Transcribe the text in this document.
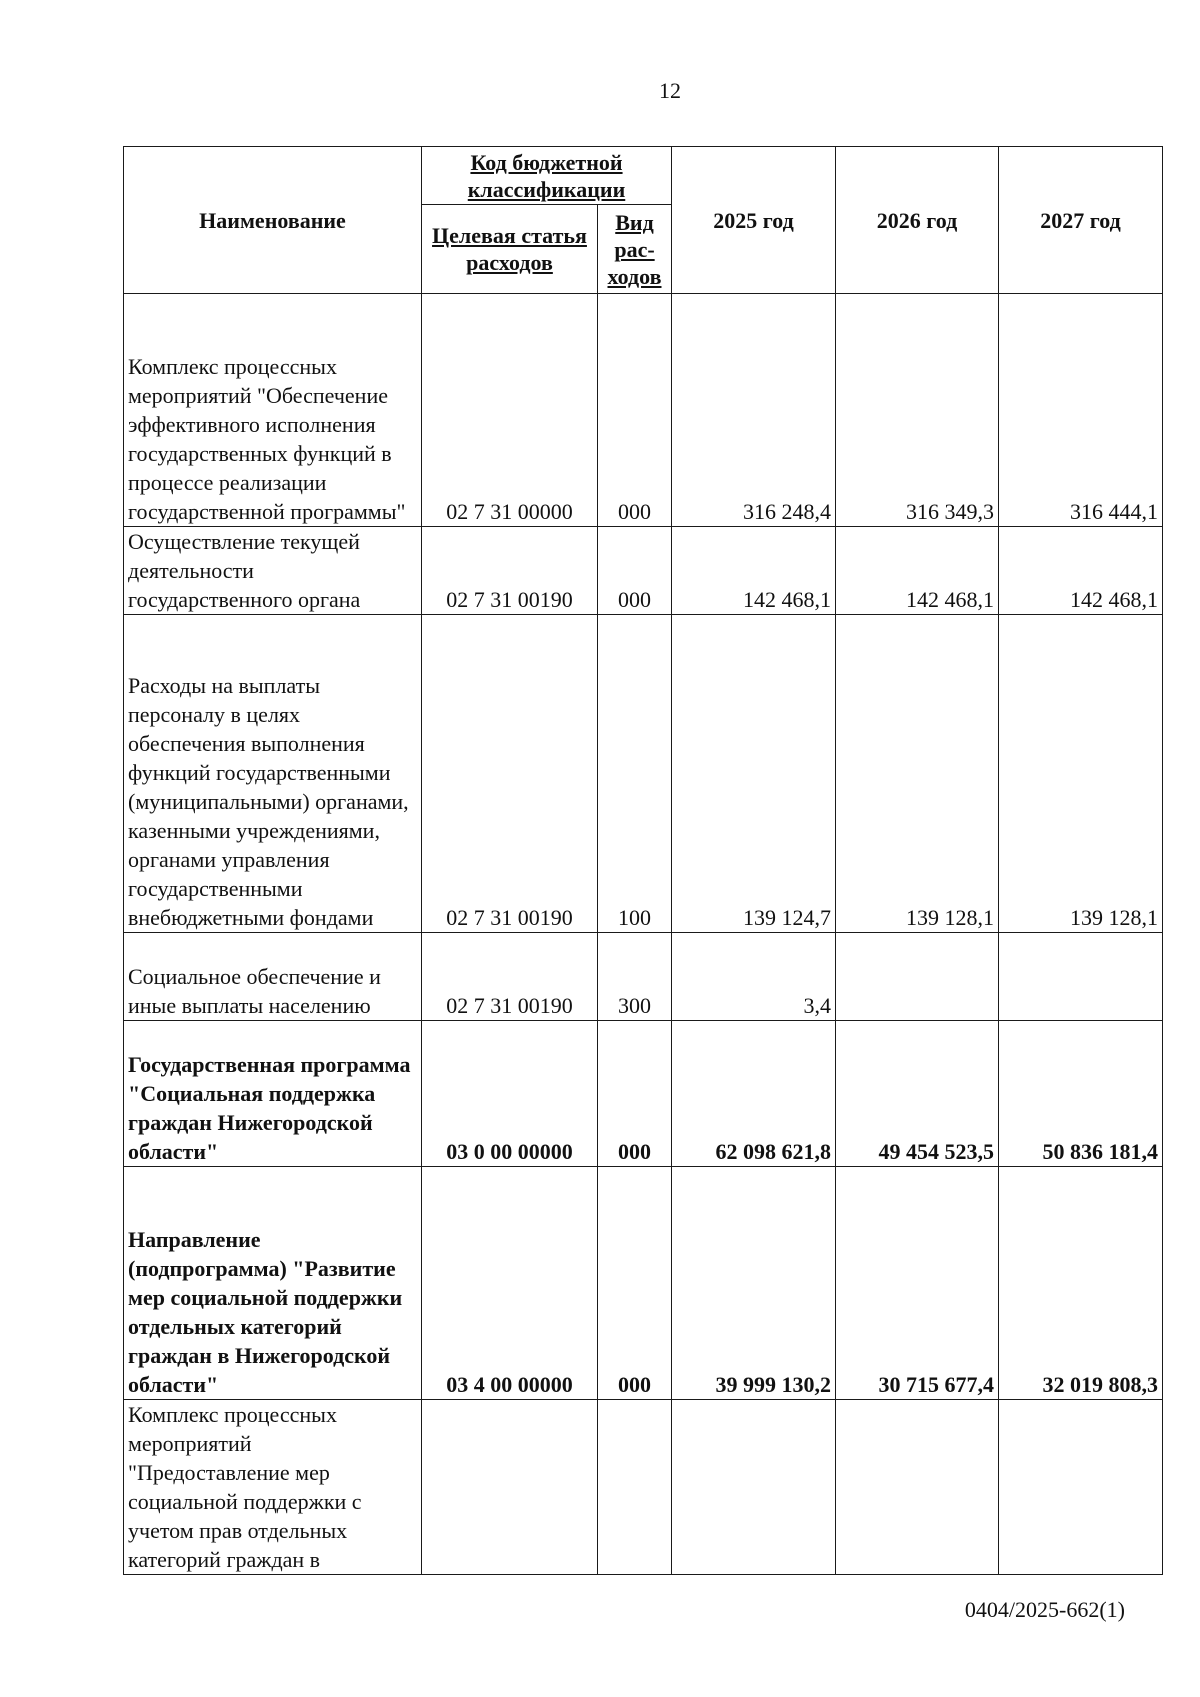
12
Наименование	Код бюджетной классификации		2025 год	2026 год	2027 год
	Целевая статья расходов	Вид рас-ходов			
Комплекс процессных мероприятий "Обеспечение эффективного исполнения государственных функций в процессе реализации государственной программы"	02 7 31 00000	000	316 248,4	316 349,3	316 444,1
Осуществление текущей деятельности государственного органа	02 7 31 00190	000	142 468,1	142 468,1	142 468,1
Расходы на выплаты персоналу в целях обеспечения выполнения функций государственными (муниципальными) органами, казенными учреждениями, органами управления государственными внебюджетными фондами	02 7 31 00190	100	139 124,7	139 128,1	139 128,1
Социальное обеспечение и иные выплаты населению	02 7 31 00190	300	3,4		
Государственная программа "Социальная поддержка граждан Нижегородской области"	03 0 00 00000	000	62 098 621,8	49 454 523,5	50 836 181,4
Направление (подпрограмма) "Развитие мер социальной поддержки отдельных категорий граждан в Нижегородской области"	03 4 00 00000	000	39 999 130,2	30 715 677,4	32 019 808,3
Комплекс процессных мероприятий "Предоставление мер социальной поддержки с учетом прав отдельных категорий граждан в					
0404/2025-662(1)
